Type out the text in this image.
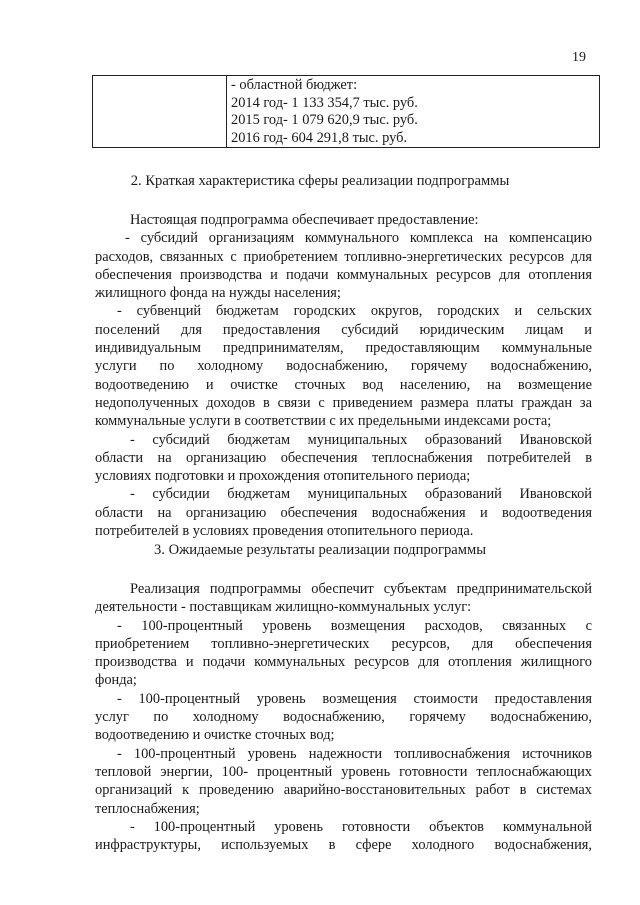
19
- областной бюджет:
2014 год- 1 133 354,7 тыс. руб.
2015 год- 1 079 620,9 тыс. руб.
2016 год- 604 291,8 тыс. руб.
2. Краткая характеристика сферы реализации подпрограммы
Настоящая подпрограмма обеспечивает предоставление:
- субсидий организациям коммунального комплекса на компенсацию
расходов, связанных с приобретением топливно-энергетических ресурсов для
обеспечения производства и подачи коммунальных ресурсов для отопления
жилищного фонда на нужды населения;
- субвенций бюджетам городских округов, городских и сельских
поселений для предоставления субсидий юридическим лицам и
индивидуальным предпринимателям, предоставляющим коммунальные
услуги по холодному водоснабжению, горячему водоснабжению,
водоотведению и очистке сточных вод населению, на возмещение
недополученных доходов в связи с приведением размера платы граждан за
коммунальные услуги в соответствии с их предельными индексами роста;
- субсидий бюджетам муниципальных образований Ивановской
области на организацию обеспечения теплоснабжения потребителей в
условиях подготовки и прохождения отопительного периода;
- субсидии бюджетам муниципальных образований Ивановской
области на организацию обеспечения водоснабжения и водоотведения
потребителей в условиях проведения отопительного периода.
3. Ожидаемые результаты реализации подпрограммы
Реализация подпрограммы обеспечит субъектам предпринимательской
деятельности - поставщикам жилищно-коммунальных услуг:
- 100-процентный уровень возмещения расходов, связанных с
приобретением топливно-энергетических ресурсов, для обеспечения
производства и подачи коммунальных ресурсов для отопления жилищного
фонда;
- 100-процентный уровень возмещения стоимости предоставления
услуг по холодному водоснабжению, горячему водоснабжению,
водоотведению и очистке сточных вод;
- 100-процентный уровень надежности топливоснабжения источников
тепловой энергии, 100- процентный уровень готовности теплоснабжающих
организаций к проведению аварийно-восстановительных работ в системах
теплоснабжения;
- 100-процентный уровень готовности объектов коммунальной
инфраструктуры, используемых в сфере холодного водоснабжения,
